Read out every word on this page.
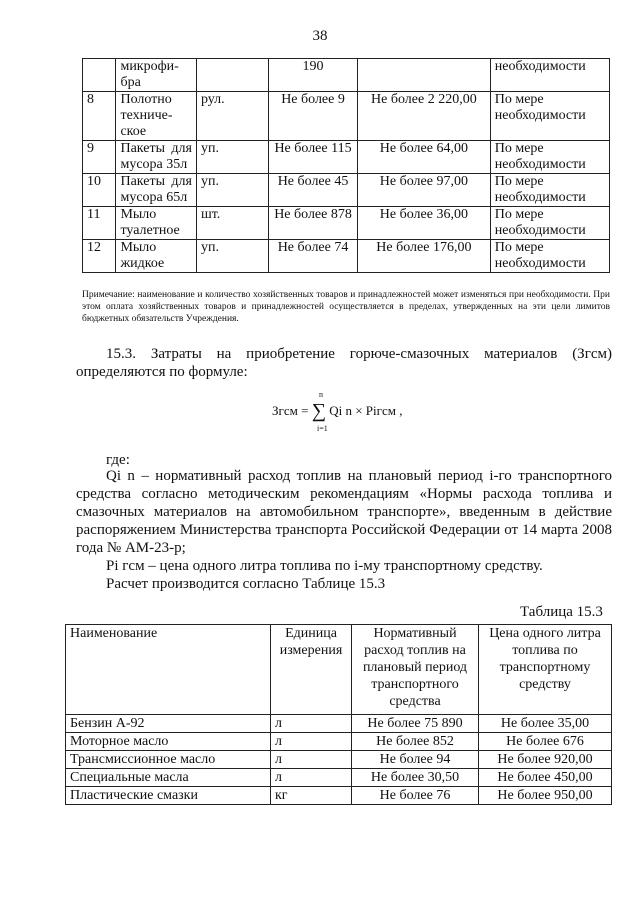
38
	микрофи-бра		190		необходимости
8	Полотно техниче-ское	рул.	Не более 9	Не более 2 220,00	По мере необходимости
9	Пакеты для мусора 35л	уп.	Не более 115	Не более 64,00	По мере необходимости
10	Пакеты для мусора 65л	уп.	Не более 45	Не более 97,00	По мере необходимости
11	Мыло туалетное	шт.	Не более 878	Не более 36,00	По мере необходимости
12	Мыло жидкое	уп.	Не более 74	Не более 176,00	По мере необходимости
Примечание: наименование и количество хозяйственных товаров и принадлежностей может изменяться при необходимости. При этом оплата хозяйственных товаров и принадлежностей осуществляется в пределах, утвержденных на эти цели лимитов бюджетных обязательств Учреждения.
15.3. Затраты на приобретение горюче-смазочных материалов (Згсм) определяются по формуле:
Згсм = ∑
n
i=1
Qi n × Piгсм ,
где:
Qi n – нормативный расход топлив на плановый период i-го транспортного средства согласно методическим рекомендациям «Нормы расхода топлива и смазочных материалов на автомобильном транспорте», введенным в действие распоряжением Министерства транспорта Российской Федерации от 14 марта 2008 года № АМ-23-р;
Pi гсм – цена одного литра топлива по i-му транспортному средству.
Расчет производится согласно Таблице 15.3
Таблица 15.3
Наименование	Единица измерения	Нормативный расход топлив на плановый период транспортного средства	Цена одного литра топлива по транспортному средству
Бензин А-92	л	Не более 75 890	Не более 35,00
Моторное масло	л	Не более 852	Не более 676
Трансмиссионное масло	л	Не более 94	Не более 920,00
Специальные масла	л	Не более 30,50	Не более 450,00
Пластические смазки	кг	Не более 76	Не более 950,00
